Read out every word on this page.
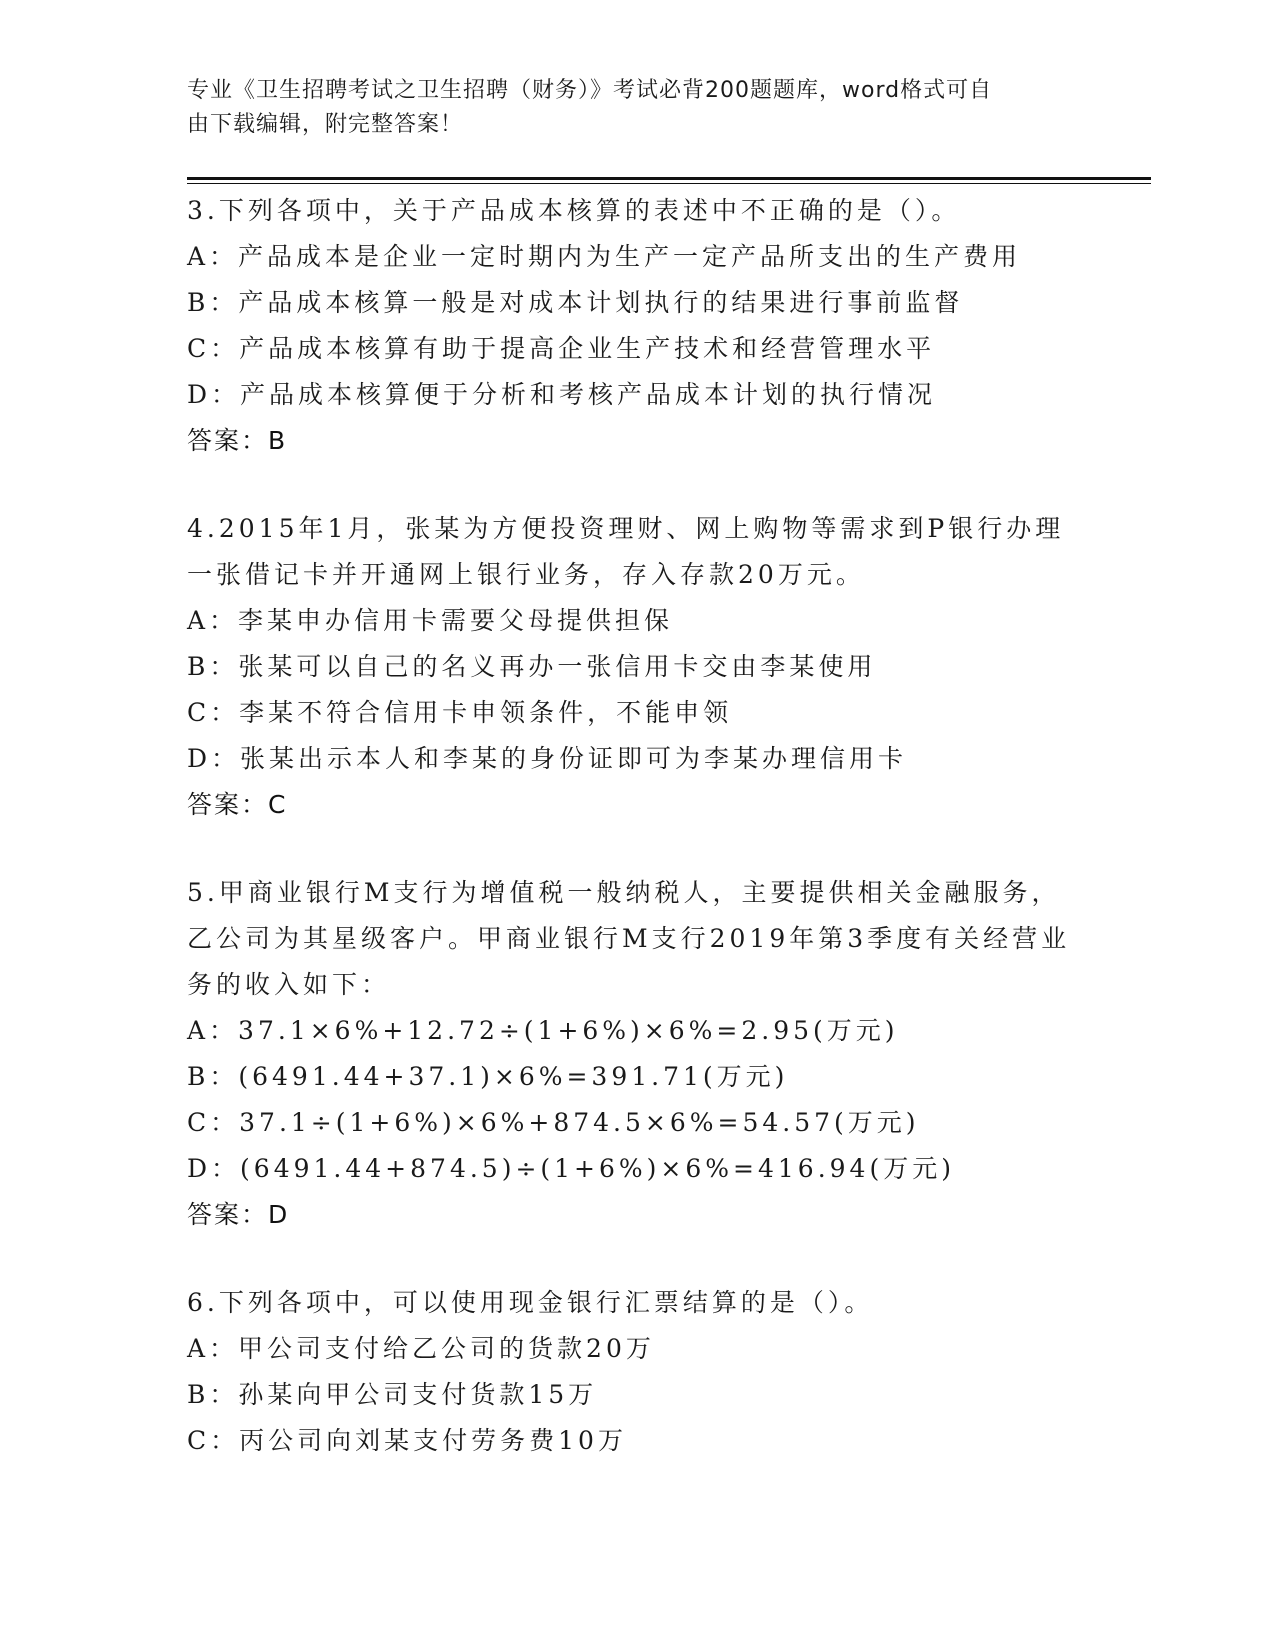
专业《卫生招聘考试之卫生招聘（财务）》考试必背200题题库，word格式可自
由下载编辑，附完整答案！
3.下列各项中，关于产品成本核算的表述中不正确的是（）。
A：产品成本是企业一定时期内为生产一定产品所支出的生产费用
B：产品成本核算一般是对成本计划执行的结果进行事前监督
C：产品成本核算有助于提高企业生产技术和经营管理水平
D：产品成本核算便于分析和考核产品成本计划的执行情况
答案：B
4.2015年1月，张某为方便投资理财、网上购物等需求到P银行办理
一张借记卡并开通网上银行业务，存入存款20万元。
A：李某申办信用卡需要父母提供担保
B：张某可以自己的名义再办一张信用卡交由李某使用
C：李某不符合信用卡申领条件，不能申领
D：张某出示本人和李某的身份证即可为李某办理信用卡
答案：C
5.甲商业银行M支行为增值税一般纳税人，主要提供相关金融服务，
乙公司为其星级客户。甲商业银行M支行2019年第3季度有关经营业
务的收入如下：
A：37.1×6%+12.72÷(1+6%)×6%=2.95(万元)
B：(6491.44+37.1)×6%=391.71(万元)
C：37.1÷(1+6%)×6%+874.5×6%=54.57(万元)
D：(6491.44+874.5)÷(1+6%)×6%=416.94(万元)
答案：D
6.下列各项中，可以使用现金银行汇票结算的是（）。
A：甲公司支付给乙公司的货款20万
B：孙某向甲公司支付货款15万
C：丙公司向刘某支付劳务费10万
